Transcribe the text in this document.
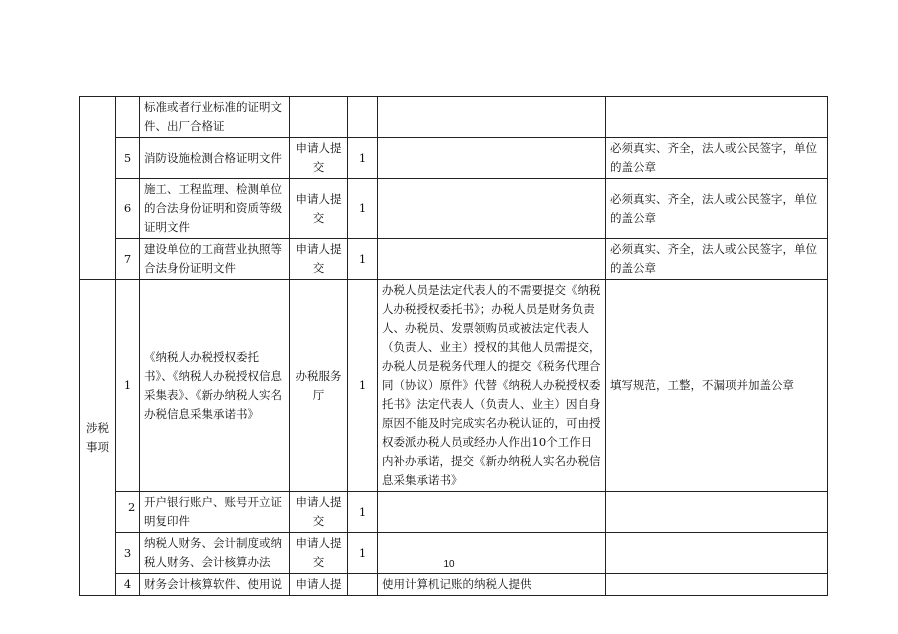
		标准或者行业标准的证明文件、出厂合格证				
	5	消防设施检测合格证明文件	申请人提交	1		必须真实、齐全，法人或公民签字，单位的盖公章
	6	施工、工程监理、检测单位的合法身份证明和资质等级证明文件	申请人提交	1		必须真实、齐全，法人或公民签字，单位的盖公章
	7	建设单位的工商营业执照等合法身份证明文件	申请人提交	1		必须真实、齐全，法人或公民签字，单位的盖公章
涉税事项	1	《纳税人办税授权委托书》、《纳税人办税授权信息采集表》、《新办纳税人实名办税信息采集承诺书》	办税服务厅	1	办税人员是法定代表人的不需要提交《纳税人办税授权委托书》；办税人员是财务负责人、办税员、发票领购员或被法定代表人（负责人、业主）授权的其他人员需提交，办税人员是税务代理人的提交《税务代理合同（协议）原件》代替《纳税人办税授权委托书》法定代表人（负责人、业主）因自身原因不能及时完成实名办税认证的，可由授权委派办税人员或经办人作出10个工作日内补办承诺，提交《新办纳税人实名办税信息采集承诺书》	填写规范，工整，不漏项并加盖公章

	2	开户银行账户、账号开立证明复印件	申请人提交	1		
	3	纳税人财务、会计制度或纳税人财务、会计核算办法	申请人提交	1		
	4	财务会计核算软件、使用说	申请人提		使用计算机记账的纳税人提供	
10
